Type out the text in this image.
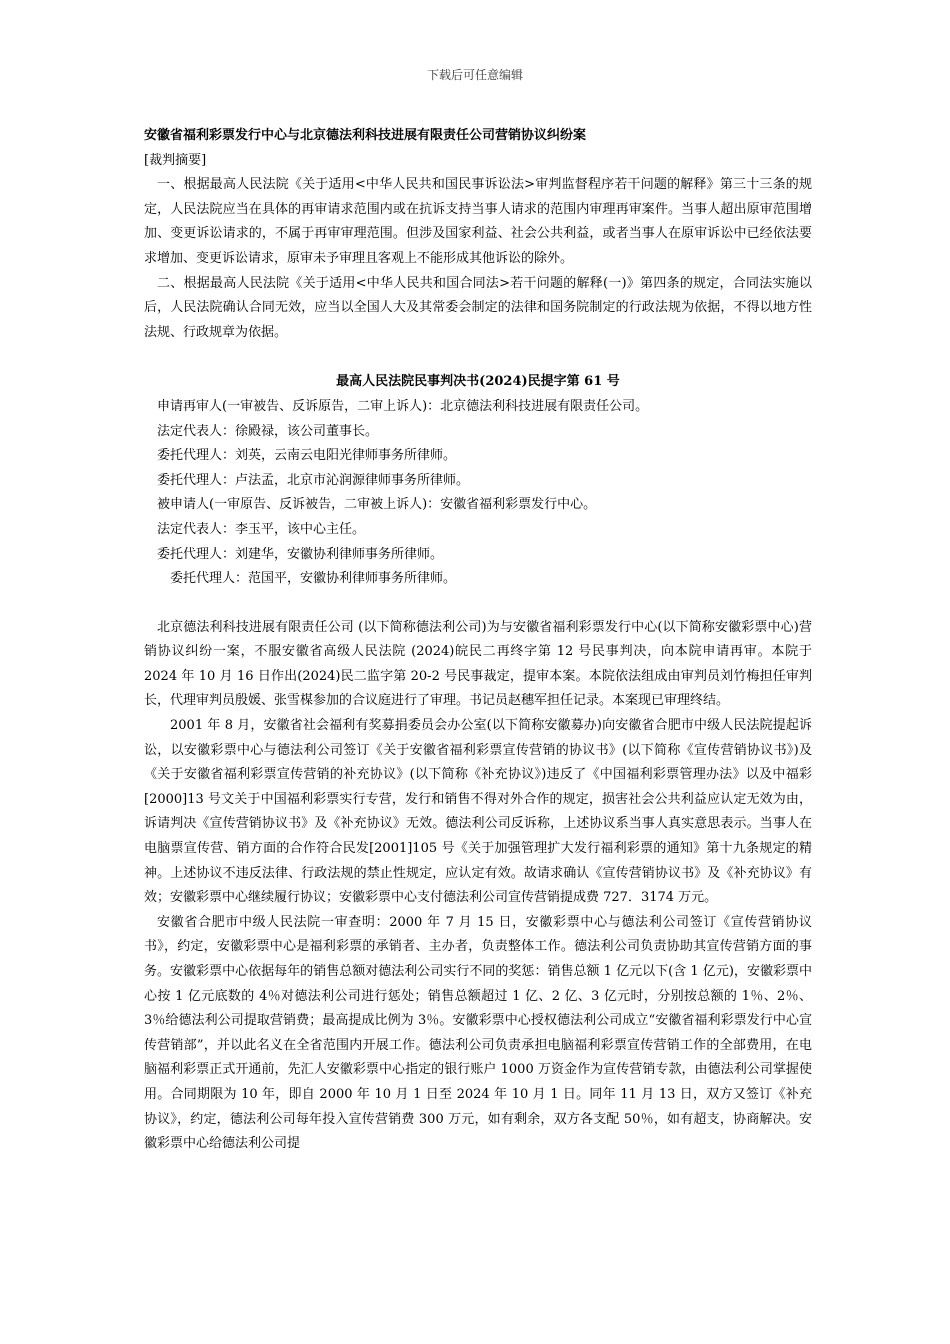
下载后可任意编辑

安徽省福利彩票发行中心与北京德法利科技进展有限责任公司营销协议纠纷案

[裁判摘要]

一、根据最高人民法院《关于适用<中华人民共和国民事诉讼法>审判监督程序若干问题的解释》第三十三条的规定，人民法院应当在具体的再审请求范围内或在抗诉支持当事人请求的范围内审理再审案件。当事人超出原审范围增加、变更诉讼请求的，不属于再审审理范围。但涉及国家利益、社会公共利益，或者当事人在原审诉讼中已经依法要求增加、变更诉讼请求，原审未予审理且客观上不能形成其他诉讼的除外。

二、根据最高人民法院《关于适用<中华人民共和国合同法>若干问题的解释(一)》第四条的规定，合同法实施以后，人民法院确认合同无效，应当以全国人大及其常委会制定的法律和国务院制定的行政法规为依据，不得以地方性法规、行政规章为依据。

最高人民法院民事判决书(2024)民提字第 61 号

申请再审人(一审被告、反诉原告，二审上诉人)：北京德法利科技进展有限责任公司。

法定代表人：徐殿禄，该公司董事长。

委托代理人：刘英，云南云电阳光律师事务所律师。

委托代理人：卢法孟，北京市沁润源律师事务所律师。

被申请人(一审原告、反诉被告，二审被上诉人)：安徽省福利彩票发行中心。

法定代表人：李玉平，该中心主任。

委托代理人：刘建华，安徽协利律师事务所律师。

委托代理人：范国平，安徽协利律师事务所律师。

北京德法利科技进展有限责任公司 (以下简称德法利公司)为与安徽省福利彩票发行中心(以下简称安徽彩票中心)营销协议纠纷一案，不服安徽省高级人民法院 (2024)皖民二再终字第 12 号民事判决，向本院申请再审。本院于 2024 年 10 月 16 日作出(2024)民二监字第 20-2 号民事裁定，提审本案。本院依法组成由审判员刘竹梅担任审判长，代理审判员殷媛、张雪楳参加的合议庭进行了审理。书记员赵穗军担任记录。本案现已审理终结。

2001 年 8 月，安徽省社会福利有奖募捐委员会办公室(以下简称安徽募办)向安徽省合肥市中级人民法院提起诉讼，以安徽彩票中心与德法利公司签订《关于安徽省福利彩票宣传营销的协议书》(以下简称《宣传营销协议书》)及《关于安徽省福利彩票宣传营销的补充协议》(以下简称《补充协议》)违反了《中国福利彩票管理办法》以及中福彩[2000]13 号文关于中国福利彩票实行专营，发行和销售不得对外合作的规定，损害社会公共利益应认定无效为由，诉请判决《宣传营销协议书》及《补充协议》无效。德法利公司反诉称，上述协议系当事人真实意思表示。当事人在电脑票宣传营、销方面的合作符合民发[2001]105 号《关于加强管理扩大发行福利彩票的通知》第十九条规定的精神。上述协议不违反法律、行政法规的禁止性规定，应认定有效。故请求确认《宣传营销协议书》及《补充协议》有效；安徽彩票中心继续履行协议；安徽彩票中心支付德法利公司宣传营销提成费 727．3174 万元。

安徽省合肥市中级人民法院一审查明：2000 年 7 月 15 日，安徽彩票中心与德法利公司签订《宣传营销协议书》，约定，安徽彩票中心是福利彩票的承销者、主办者，负责整体工作。德法利公司负责协助其宣传营销方面的事务。安徽彩票中心依据每年的销售总额对德法利公司实行不同的奖惩：销售总额 1 亿元以下(含 1 亿元)，安徽彩票中心按 1 亿元底数的 4％对德法利公司进行惩处；销售总额超过 1 亿、2 亿、3 亿元时，分别按总额的 1％、2％、3％给德法利公司提取营销费；最高提成比例为 3％。安徽彩票中心授权德法利公司成立“安徽省福利彩票发行中心宣传营销部”，并以此名义在全省范围内开展工作。德法利公司负责承担电脑福利彩票宣传营销工作的全部费用，在电脑福利彩票正式开通前，先汇人安徽彩票中心指定的银行账户 1000 万资金作为宣传营销专款，由德法利公司掌握使用。合同期限为 10 年，即自 2000 年 10 月 1 日至 2024 年 10 月 1 日。同年 11 月 13 日，双方又签订《补充协议》，约定，德法利公司每年投入宣传营销费 300 万元，如有剩余，双方各支配 50％，如有超支，协商解决。安徽彩票中心给德法利公司提
